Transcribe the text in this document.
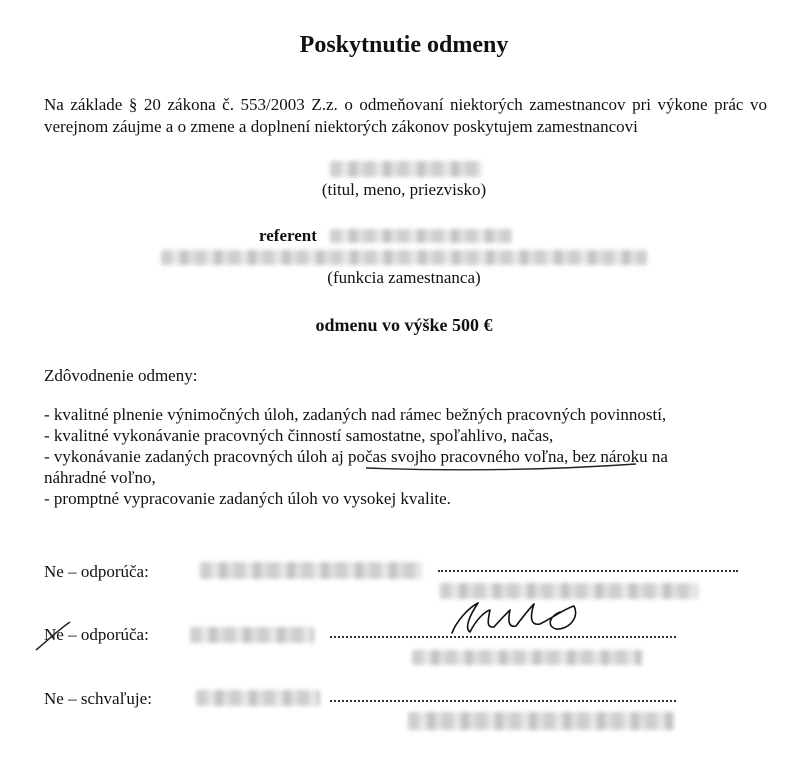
Poskytnutie odmeny
Na základe § 20 zákona č. 553/2003 Z.z. o odmeňovaní niektorých zamestnancov pri výkone prác vo verejnom záujme a o zmene a doplnení niektorých zákonov poskytujem zamestnancovi
(titul, meno, priezvisko)
referent
(funkcia zamestnanca)
odmenu vo výške 500 €
Zdôvodnenie odmeny:
- kvalitné plnenie výnimočných úloh, zadaných nad rámec bežných pracovných povinností,
- kvalitné vykonávanie pracovných činností samostatne, spoľahlivo, načas,
- vykonávanie zadaných pracovných úloh aj počas svojho pracovného voľna, bez nároku na
náhradné voľno,
- promptné vypracovanie zadaných úloh vo vysokej kvalite.
Ne – odporúča:
Ne – odporúča:
Ne – schvaľuje:
